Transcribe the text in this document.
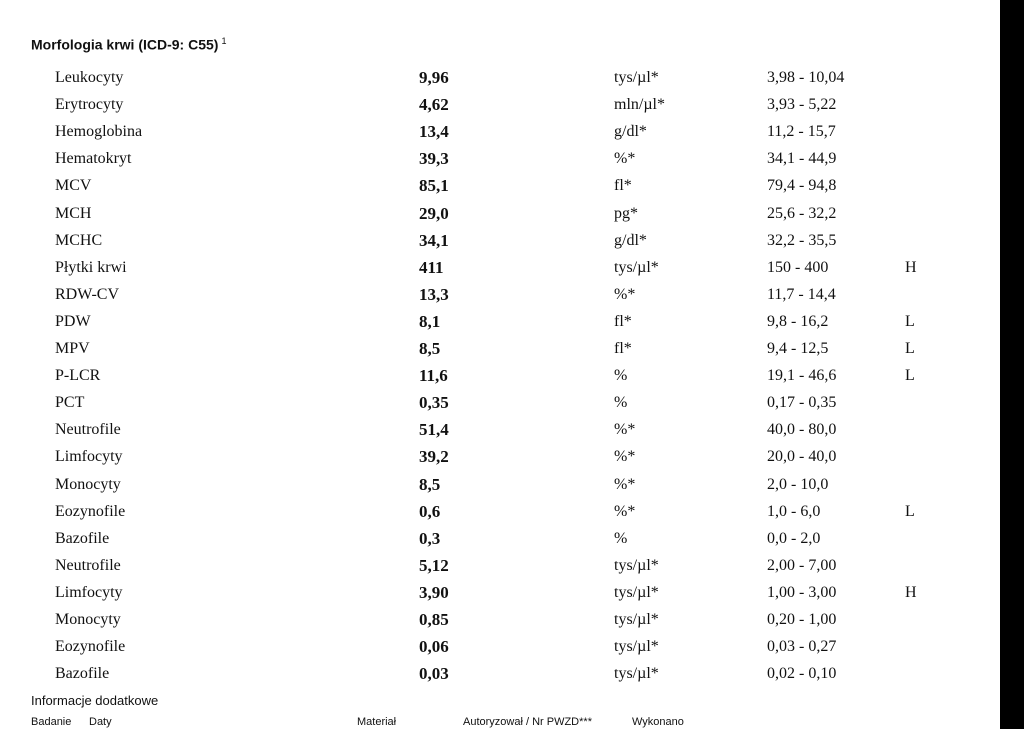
Morfologia krwi (ICD-9: C55) $^1$
Leukocyty	9,96	tys/µl*	3,98 - 10,04
Erytrocyty	4,62	mln/µl*	3,93 - 5,22
Hemoglobina	13,4	g/dl*	11,2 - 15,7
Hematokryt	39,3	%*	34,1 - 44,9
MCV	85,1	fl*	79,4 - 94,8
MCH	29,0	pg*	25,6 - 32,2
MCHC	34,1	g/dl*	32,2 - 35,5
Płytki krwi	411	tys/µl*	150 - 400	H
RDW-CV	13,3	%*	11,7 - 14,4
PDW	8,1	fl*	9,8 - 16,2	L
MPV	8,5	fl*	9,4 - 12,5	L
P-LCR	11,6	%	19,1 - 46,6	L
PCT	0,35	%	0,17 - 0,35
Neutrofile	51,4	%*	40,0 - 80,0
Limfocyty	39,2	%*	20,0 - 40,0
Monocyty	8,5	%*	2,0 - 10,0
Eozynofile	0,6	%*	1,0 - 6,0	L
Bazofile	0,3	%	0,0 - 2,0
Neutrofile	5,12	tys/µl*	2,00 - 7,00
Limfocyty	3,90	tys/µl*	1,00 - 3,00	H
Monocyty	0,85	tys/µl*	0,20 - 1,00
Eozynofile	0,06	tys/µl*	0,03 - 0,27
Bazofile	0,03	tys/µl*	0,02 - 0,10
Informacje dodatkowe
Badanie Daty	Materiał	Autoryzował / Nr PWZD***	Wykonano
